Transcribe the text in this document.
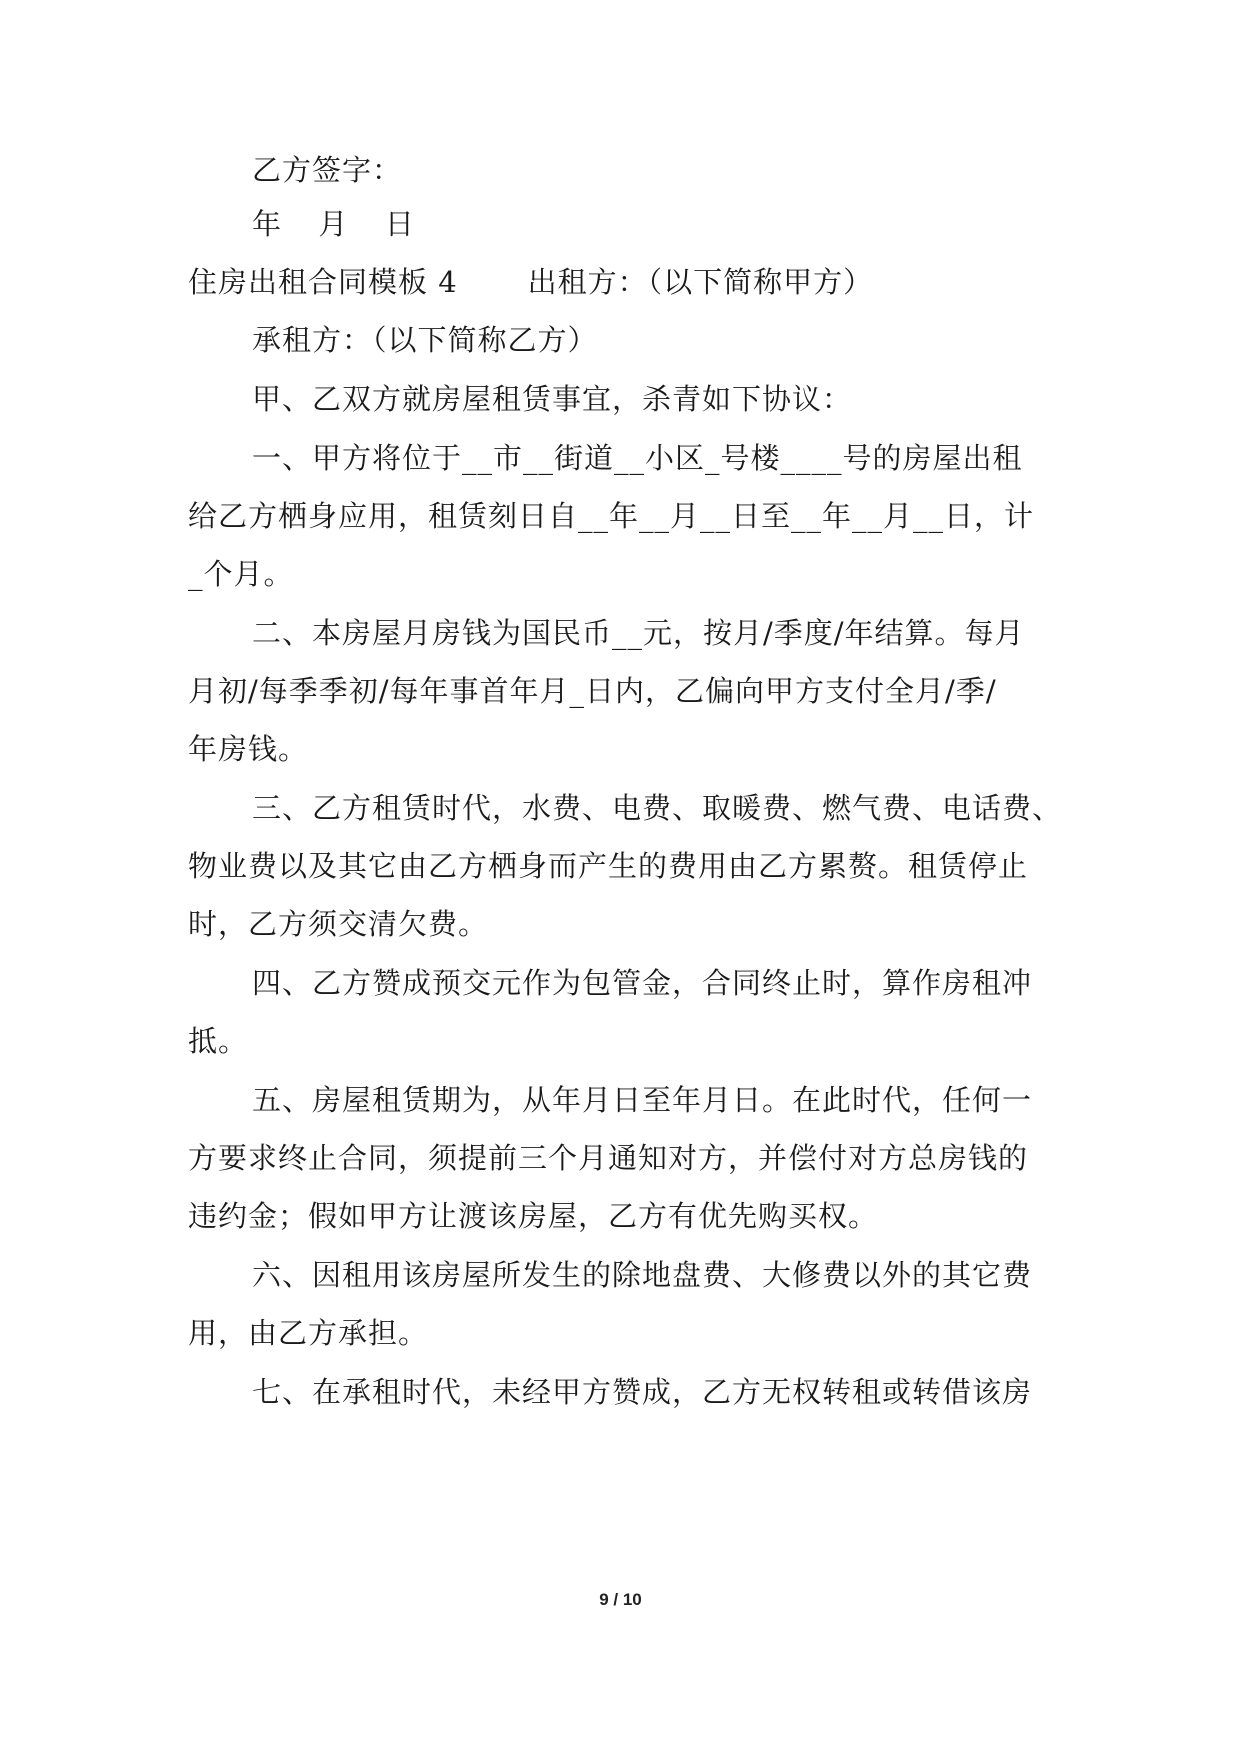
乙方签字：
年  月  日
住房出租合同模板 4 出租方：（以下简称甲方）
承租方：（以下简称乙方）
甲、乙双方就房屋租赁事宜，杀青如下协议：
一、甲方将位于__市__街道__小区_号楼____号的房屋出租
给乙方栖身应用，租赁刻日自__年__月__日至__年__月__日，计
_个月。
二、本房屋月房钱为国民币__元，按月/季度/年结算。每月
月初/每季季初/每年事首年月_日内，乙偏向甲方支付全月/季/
年房钱。
三、乙方租赁时代，水费、电费、取暖费、燃气费、电话费、
物业费以及其它由乙方栖身而产生的费用由乙方累赘。租赁停止
时，乙方须交清欠费。
四、乙方赞成预交元作为包管金，合同终止时，算作房租冲
抵。
五、房屋租赁期为，从年月日至年月日。在此时代，任何一
方要求终止合同，须提前三个月通知对方，并偿付对方总房钱的
违约金；假如甲方让渡该房屋，乙方有优先购买权。
六、因租用该房屋所发生的除地盘费、大修费以外的其它费
用，由乙方承担。
七、在承租时代，未经甲方赞成，乙方无权转租或转借该房
9 / 10
